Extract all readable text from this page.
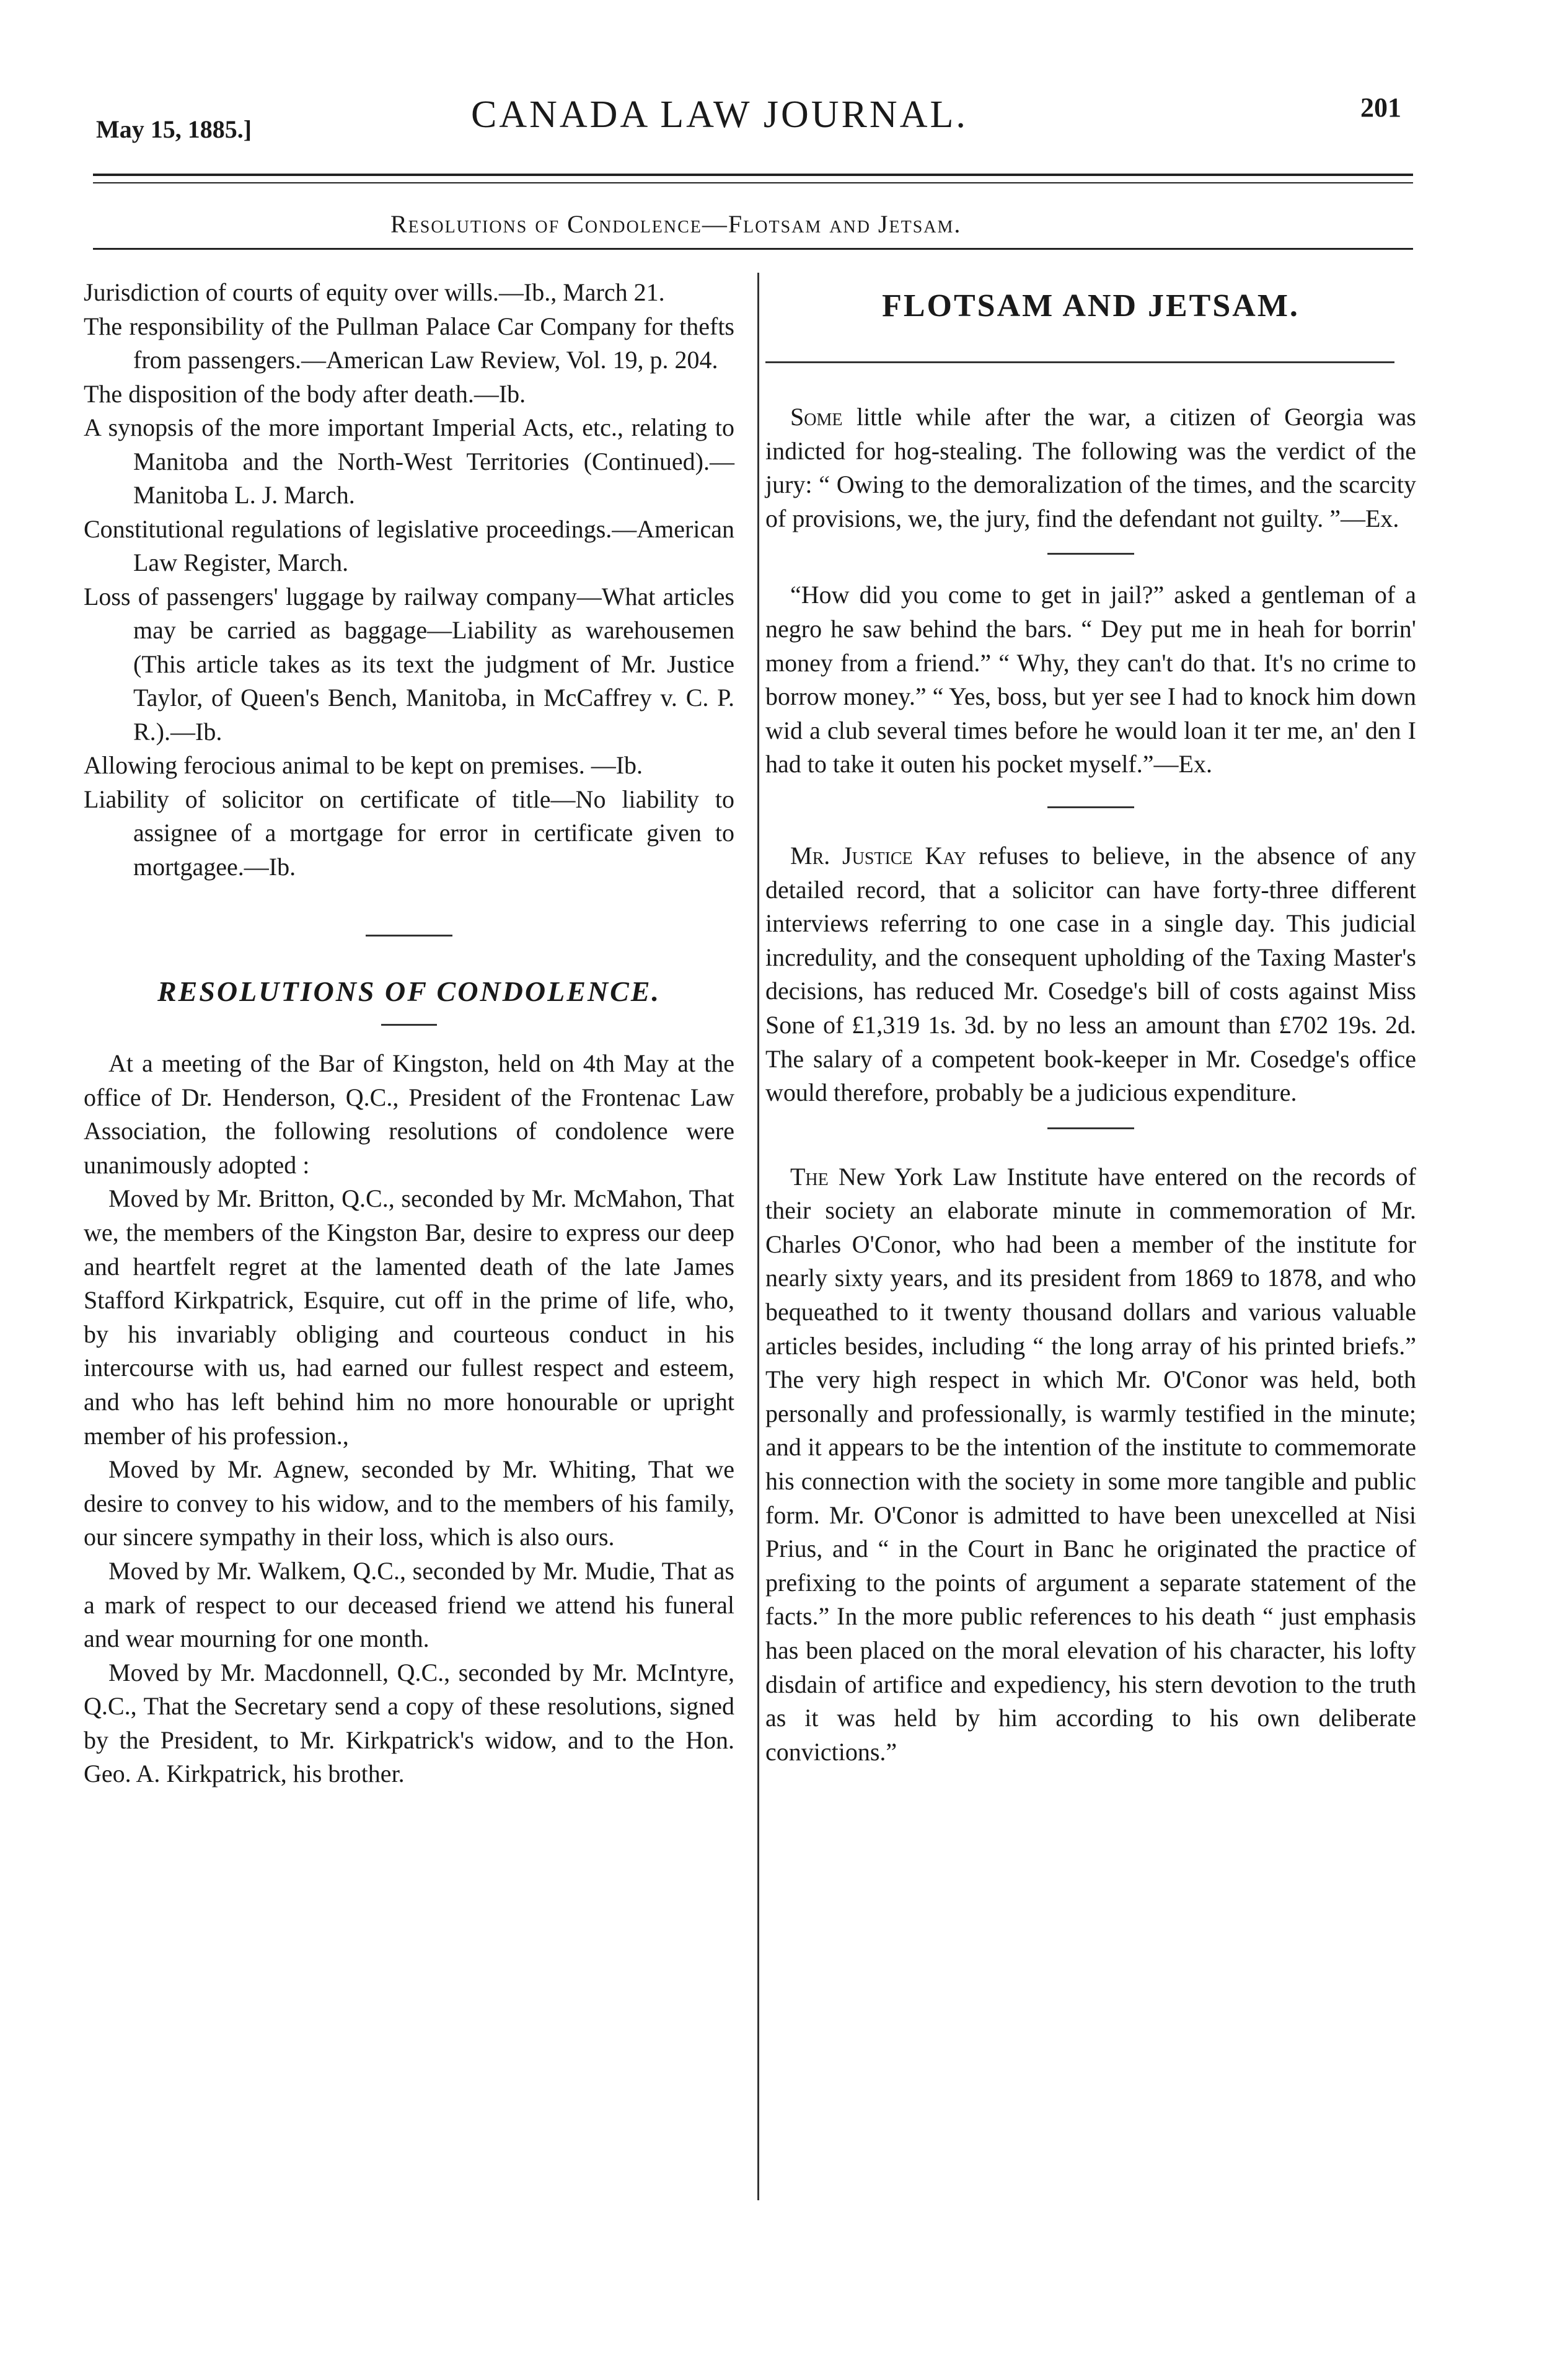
May 15, 1885.]	CANADA LAW JOURNAL.	201
Resolutions of Condolence—Flotsam and Jetsam.

Jurisdiction of courts of equity over wills.—Ib., March 21.

The responsibility of the Pullman Palace Car Company for thefts from passengers.—American Law Review, Vol. 19, p. 204.

The disposition of the body after death.—Ib.

A synopsis of the more important Imperial Acts, etc., relating to Manitoba and the North-West Territories (Continued).—Manitoba L. J. March.

Constitutional regulations of legislative proceedings.—American Law Register, March.

Loss of passengers' luggage by railway company—What articles may be carried as baggage—Liability as warehousemen (This article takes as its text the judgment of Mr. Justice Taylor, of Queen's Bench, Manitoba, in McCaffrey v. C. P. R.).—Ib.

Allowing ferocious animal to be kept on premises. —Ib.

Liability of solicitor on certificate of title—No liability to assignee of a mortgage for error in certificate given to mortgagee.—Ib.

RESOLUTIONS OF CONDOLENCE.

At a meeting of the Bar of Kingston, held on 4th May at the office of Dr. Henderson, Q.C., President of the Frontenac Law Association, the following resolutions of condolence were unanimously adopted :

Moved by Mr. Britton, Q.C., seconded by Mr. McMahon, That we, the members of the Kingston Bar, desire to express our deep and heartfelt regret at the lamented death of the late James Stafford Kirkpatrick, Esquire, cut off in the prime of life, who, by his invariably obliging and courteous conduct in his intercourse with us, had earned our fullest respect and esteem, and who has left behind him no more honourable or upright member of his profession.,

Moved by Mr. Agnew, seconded by Mr. Whiting, That we desire to convey to his widow, and to the members of his family, our sincere sympathy in their loss, which is also ours.

Moved by Mr. Walkem, Q.C., seconded by Mr. Mudie, That as a mark of respect to our deceased friend we attend his funeral and wear mourning for one month.

Moved by Mr. Macdonnell, Q.C., seconded by Mr. McIntyre, Q.C., That the Secretary send a copy of these resolutions, signed by the President, to Mr. Kirkpatrick's widow, and to the Hon. Geo. A. Kirkpatrick, his brother.

FLOTSAM AND JETSAM.

Some little while after the war, a citizen of Georgia was indicted for hog-stealing. The following was the verdict of the jury: “ Owing to the demoralization of the times, and the scarcity of provisions, we, the jury, find the defendant not guilty. ”—Ex.

“How did you come to get in jail?” asked a gentleman of a negro he saw behind the bars. “ Dey put me in heah for borrin' money from a friend.” “ Why, they can't do that. It's no crime to borrow money.” “ Yes, boss, but yer see I had to knock him down wid a club several times before he would loan it ter me, an' den I had to take it outen his pocket myself.”—Ex.

Mr. Justice Kay refuses to believe, in the absence of any detailed record, that a solicitor can have forty-three different interviews referring to one case in a single day. This judicial incredulity, and the consequent upholding of the Taxing Master's decisions, has reduced Mr. Cosedge's bill of costs against Miss Sone of £1,319 1s. 3d. by no less an amount than £702 19s. 2d. The salary of a competent book-keeper in Mr. Cosedge's office would therefore, probably be a judicious expenditure.

The New York Law Institute have entered on the records of their society an elaborate minute in commemoration of Mr. Charles O'Conor, who had been a member of the institute for nearly sixty years, and its president from 1869 to 1878, and who bequeathed to it twenty thousand dollars and various valuable articles besides, including “ the long array of his printed briefs.” The very high respect in which Mr. O'Conor was held, both personally and professionally, is warmly testified in the minute; and it appears to be the intention of the institute to commemorate his connection with the society in some more tangible and public form. Mr. O'Conor is admitted to have been unexcelled at Nisi Prius, and “ in the Court in Banc he originated the practice of prefixing to the points of argument a separate statement of the facts.” In the more public references to his death “ just emphasis has been placed on the moral elevation of his character, his lofty disdain of artifice and expediency, his stern devotion to the truth as it was held by him according to his own deliberate convictions.”
